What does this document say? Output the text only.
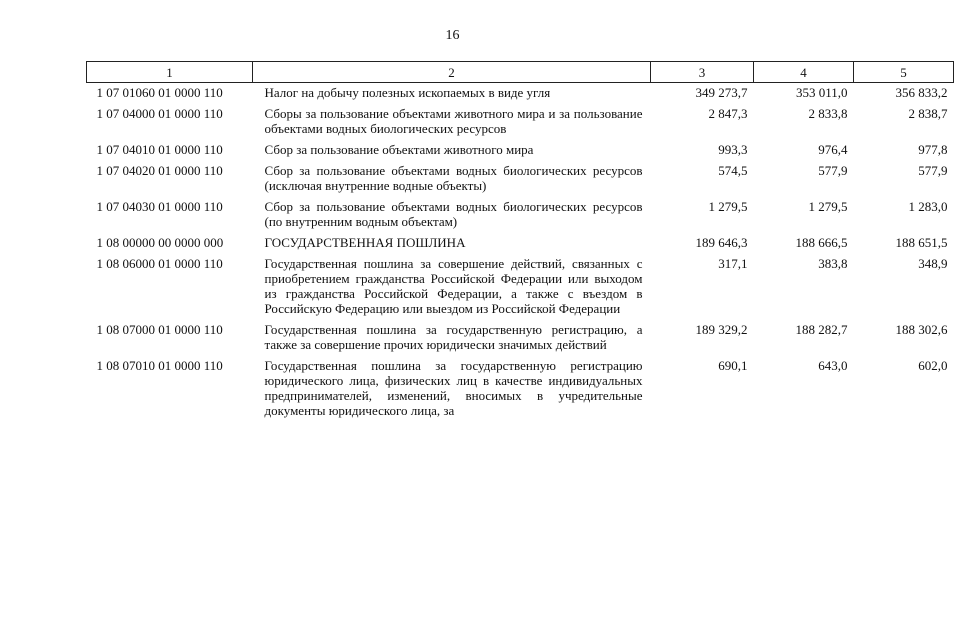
16
1	2	3	4	5
1 07 01060 01 0000 110	Налог на добычу полезных ископаемых в виде угля	349 273,7	353 011,0	356 833,2
1 07 04000 01 0000 110	Сборы за пользование объектами животного мира и за пользование объектами водных биологических ресурсов	2 847,3	2 833,8	2 838,7
1 07 04010 01 0000 110	Сбор за пользование объектами животного мира	993,3	976,4	977,8
1 07 04020 01 0000 110	Сбор за пользование объектами водных биологических ресурсов (исключая внутренние водные объекты)	574,5	577,9	577,9
1 07 04030 01 0000 110	Сбор за пользование объектами водных биологических ресурсов (по внутренним водным объектам)	1 279,5	1 279,5	1 283,0
1 08 00000 00 0000 000	ГОСУДАРСТВЕННАЯ ПОШЛИНА	189 646,3	188 666,5	188 651,5
1 08 06000 01 0000 110	Государственная пошлина за совершение действий, связанных с приобретением гражданства Российской Федерации или выходом из гражданства Российской Федерации, а также с въездом в Российскую Федерацию или выездом из Российской Федерации	317,1	383,8	348,9
1 08 07000 01 0000 110	Государственная пошлина за государственную регистрацию, а также за совершение прочих юридически значимых действий	189 329,2	188 282,7	188 302,6
1 08 07010 01 0000 110	Государственная пошлина за государственную регистрацию юридического лица, физических лиц в качестве индивидуальных предпринимателей, изменений, вносимых в учредительные документы юридического лица, за	690,1	643,0	602,0
